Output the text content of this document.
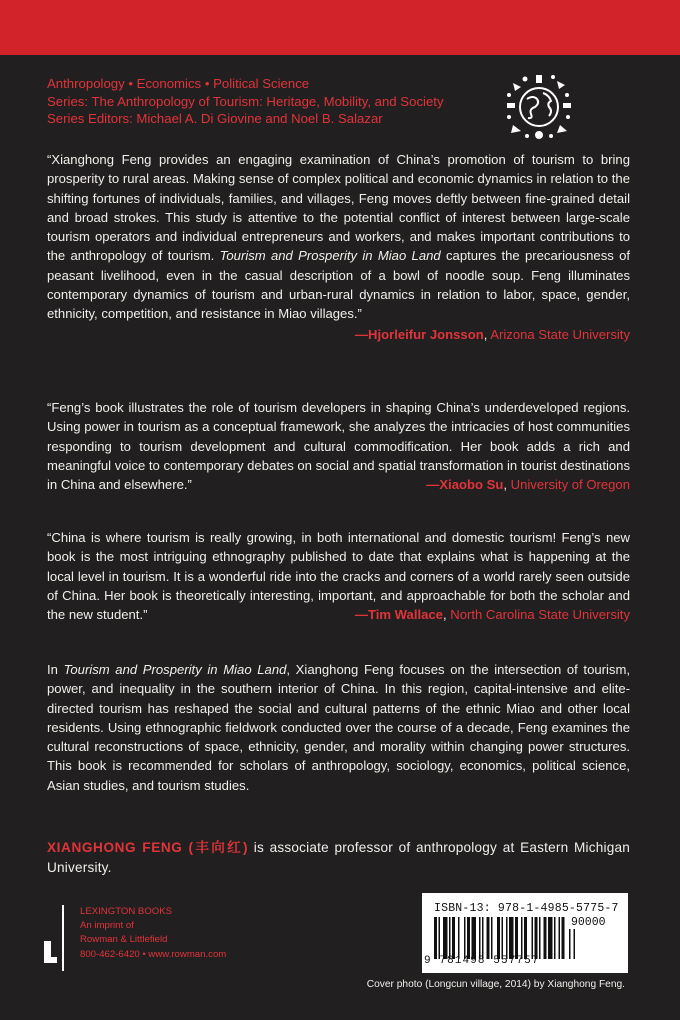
Anthropology • Economics • Political Science
Series: The Anthropology of Tourism: Heritage, Mobility, and Society
Series Editors: Michael A. Di Giovine and Noel B. Salazar

“Xianghong Feng provides an engaging examination of China’s promotion of tourism to bring prosperity to rural areas. Making sense of complex political and economic dynamics in relation to the shifting fortunes of individuals, families, and villages, Feng moves deftly between fine-grained detail and broad strokes. This study is attentive to the potential conflict of interest between large-scale tourism operators and individual entrepreneurs and workers, and makes important contributions to the anthropology of tourism. Tourism and Prosperity in Miao Land captures the precariousness of peasant livelihood, even in the casual description of a bowl of noodle soup. Feng illuminates contemporary dynamics of tourism and urban-rural dynamics in relation to labor, space, gender, ethnicity, competition, and resistance in Miao villages.”

—Hjorleifur Jonsson, Arizona State University

“Feng’s book illustrates the role of tourism developers in shaping China’s underdeveloped regions. Using power in tourism as a conceptual framework, she analyzes the intricacies of host communities responding to tourism development and cultural commodification. Her book adds a rich and meaningful voice to contemporary debates on social and spatial transformation in tourist destinations in China and elsewhere.”	—Xiaobo Su, University of Oregon

“China is where tourism is really growing, in both international and domestic tourism! Feng’s new book is the most intriguing ethnography published to date that explains what is happening at the local level in tourism. It is a wonderful ride into the cracks and corners of a world rarely seen outside of China. Her book is theoretically interesting, important, and approachable for both the scholar and the new student.”	—Tim Wallace, North Carolina State University

In Tourism and Prosperity in Miao Land, Xianghong Feng focuses on the intersection of tourism, power, and inequality in the southern interior of China. In this region, capital-intensive and elite-directed tourism has reshaped the social and cultural patterns of the ethnic Miao and other local residents. Using ethnographic fieldwork conducted over the course of a decade, Feng examines the cultural reconstructions of space, ethnicity, gender, and morality within changing power structures. This book is recommended for scholars of anthropology, sociology, economics, political science, Asian studies, and tourism studies.

XIANGHONG FENG (丰向红) is associate professor of anthropology at Eastern Michigan University.

LEXINGTON BOOKS
An imprint of
Rowman & Littlefield
800-462-6420 • www.rowman.com
ISBN-13: 978-1-4985-5775-7
90000
9 781498 557757
Cover photo (Longcun village, 2014) by Xianghong Feng.
